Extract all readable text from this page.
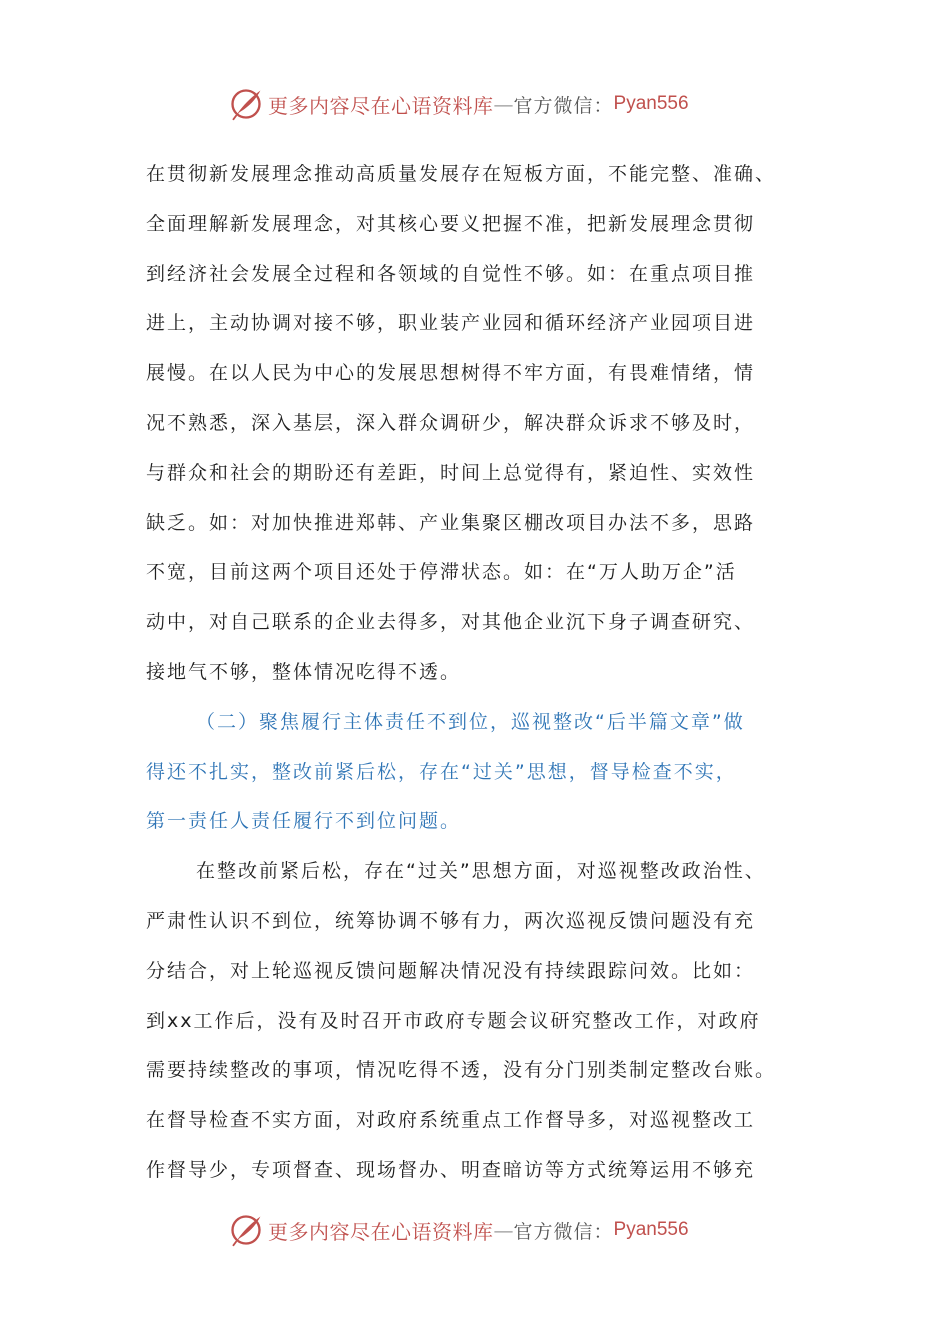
更多内容尽在心语资料库 — 官方微信： Pyan556
在贯彻新发展理念推动高质量发展存在短板方面，不能完整、准确、
全面理解新发展理念，对其核心要义把握不准，把新发展理念贯彻
到经济社会发展全过程和各领域的自觉性不够。如：在重点项目推
进上，主动协调对接不够，职业装产业园和循环经济产业园项目进
展慢。在以人民为中心的发展思想树得不牢方面，有畏难情绪，情
况不熟悉，深入基层，深入群众调研少，解决群众诉求不够及时，
与群众和社会的期盼还有差距，时间上总觉得有，紧迫性、实效性
缺乏。如：对加快推进郑韩、产业集聚区棚改项目办法不多，思路
不宽，目前这两个项目还处于停滞状态。如：在“万人助万企”活
动中，对自己联系的企业去得多，对其他企业沉下身子调查研究、
接地气不够，整体情况吃得不透。
（二）聚焦履行主体责任不到位，巡视整改“后半篇文章”做
得还不扎实，整改前紧后松，存在“过关”思想，督导检查不实，
第一责任人责任履行不到位问题。
在整改前紧后松，存在“过关”思想方面，对巡视整改政治性、
严肃性认识不到位，统筹协调不够有力，两次巡视反馈问题没有充
分结合，对上轮巡视反馈问题解决情况没有持续跟踪问效。比如：
到xx工作后，没有及时召开市政府专题会议研究整改工作，对政府
需要持续整改的事项，情况吃得不透，没有分门别类制定整改台账。
在督导检查不实方面，对政府系统重点工作督导多，对巡视整改工
作督导少，专项督查、现场督办、明查暗访等方式统筹运用不够充
更多内容尽在心语资料库 — 官方微信： Pyan556
